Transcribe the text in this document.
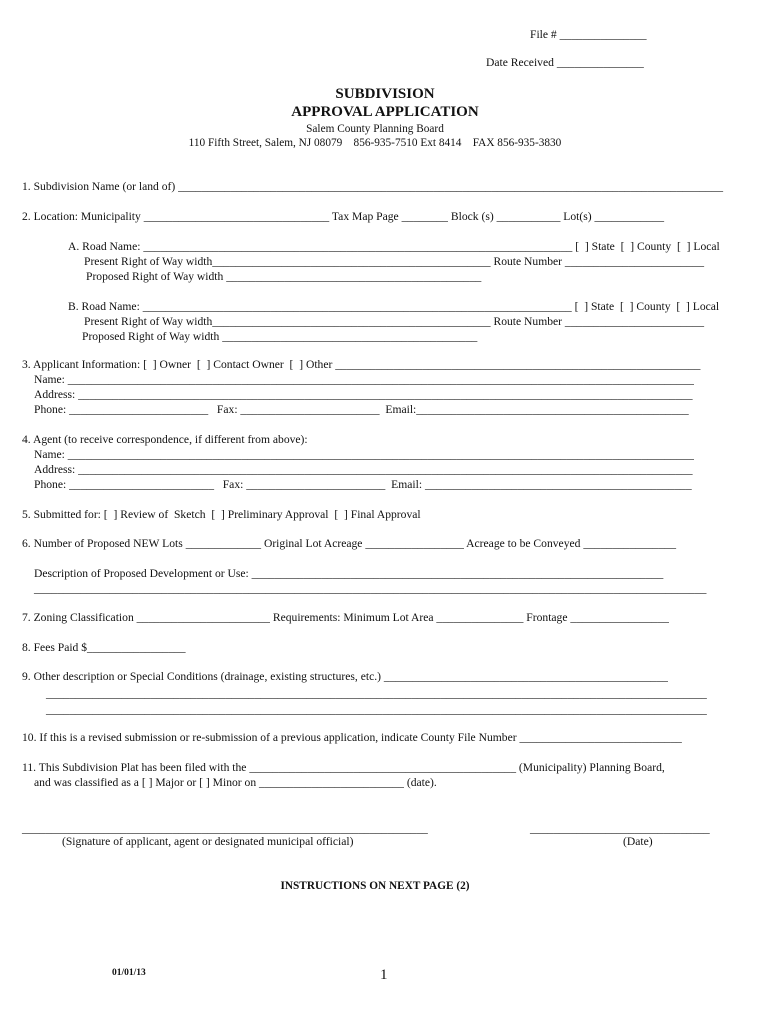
File # _______________
Date Received _______________
SUBDIVISION
APPROVAL APPLICATION
Salem County Planning Board
110 Fifth Street, Salem, NJ 08079    856-935-7510 Ext 8414    FAX 856-935-3830
1. Subdivision Name (or land of) ______________________________________________________________________________________________
2. Location: Municipality ________________________________ Tax Map Page ________ Block (s) ___________ Lot(s) ____________
A. Road Name: __________________________________________________________________________ [  ] State  [  ] County  [  ] Local
Present Right of Way width________________________________________________ Route Number ________________________
Proposed Right of Way width ____________________________________________
B. Road Name: __________________________________________________________________________ [  ] State  [  ] County  [  ] Local
Present Right of Way width________________________________________________ Route Number ________________________
Proposed Right of Way width ____________________________________________
3. Applicant Information: [  ] Owner  [  ] Contact Owner  [  ] Other _______________________________________________________________
Name: ____________________________________________________________________________________________________________
Address: __________________________________________________________________________________________________________
Phone: ________________________   Fax: ________________________  Email:_______________________________________________
4. Agent (to receive correspondence, if different from above):
Name: ____________________________________________________________________________________________________________
Address: __________________________________________________________________________________________________________
Phone: _________________________   Fax: ________________________  Email: ______________________________________________
5. Submitted for: [  ] Review of  Sketch  [  ] Preliminary Approval  [  ] Final Approval
6. Number of Proposed NEW Lots _____________ Original Lot Acreage _________________ Acreage to be Conveyed ________________
Description of Proposed Development or Use: _______________________________________________________________________
____________________________________________________________________________________________________________________
7. Zoning Classification _______________________ Requirements: Minimum Lot Area _______________ Frontage _________________
8. Fees Paid $_________________
9. Other description or Special Conditions (drainage, existing structures, etc.) _________________________________________________
__________________________________________________________________________________________________________________
__________________________________________________________________________________________________________________
10. If this is a revised submission or re-submission of a previous application, indicate County File Number ____________________________
11. This Subdivision Plat has been filed with the ______________________________________________ (Municipality) Planning Board,
and was classified as a [ ] Major or [ ] Minor on _________________________ (date).
______________________________________________________________________
(Signature of applicant, agent or designated municipal official)
_______________________________
(Date)
INSTRUCTIONS ON NEXT PAGE (2)
01/01/13	1
